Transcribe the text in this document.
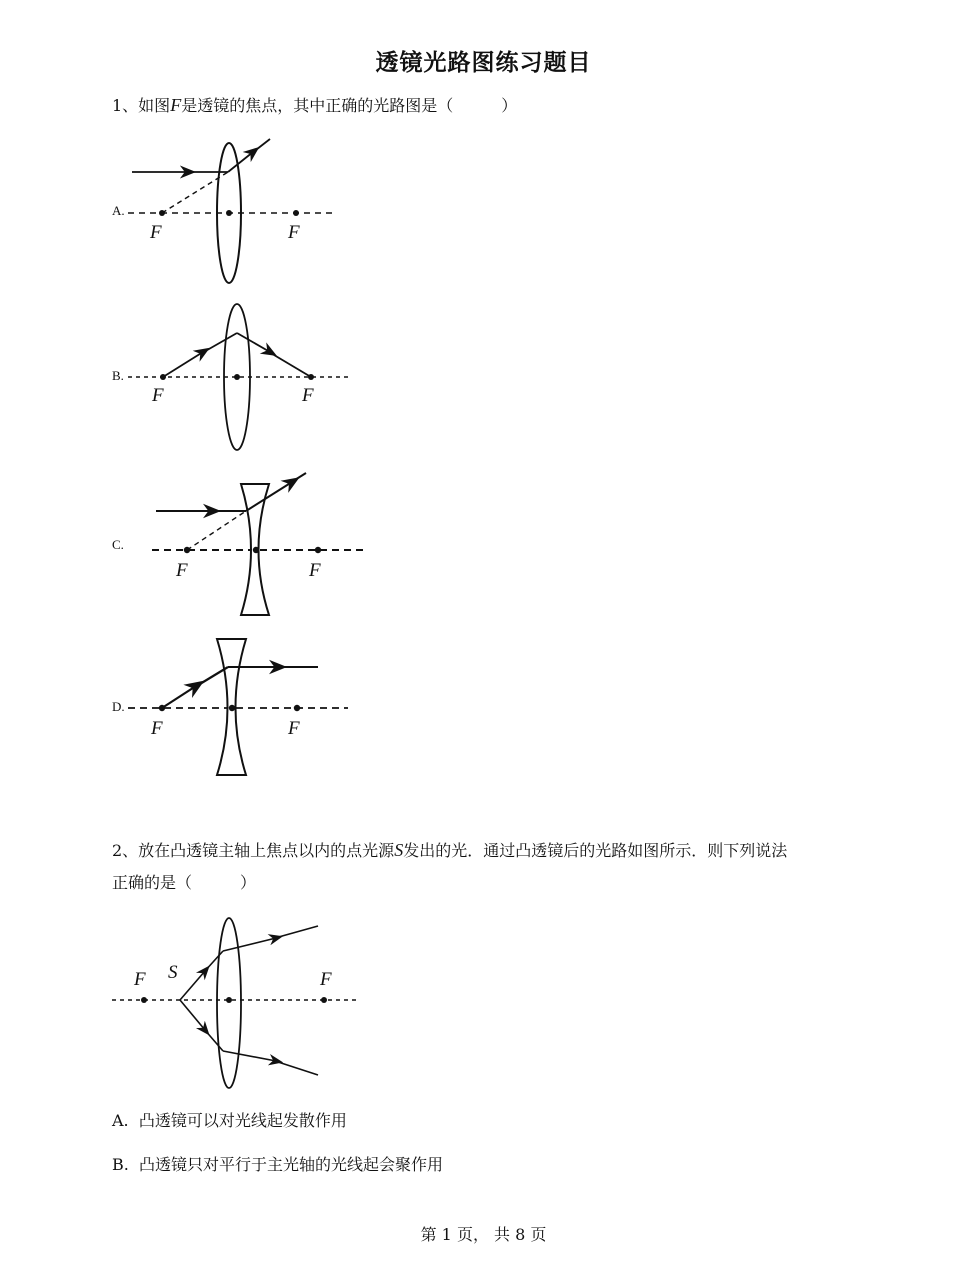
透镜光路图练习题目
1、如图F是透镜的焦点，其中正确的光路图是（　　　）
A.
F	F
B.
F	F
C.
F	F
D.
F	F
2、放在凸透镜主轴上焦点以内的点光源S发出的光．通过凸透镜后的光路如图所示．则下列说法
正确的是（　　　）
F S	F
A. 凸透镜可以对光线起发散作用
B. 凸透镜只对平行于主光轴的光线起会聚作用
第 1 页， 共 8 页
